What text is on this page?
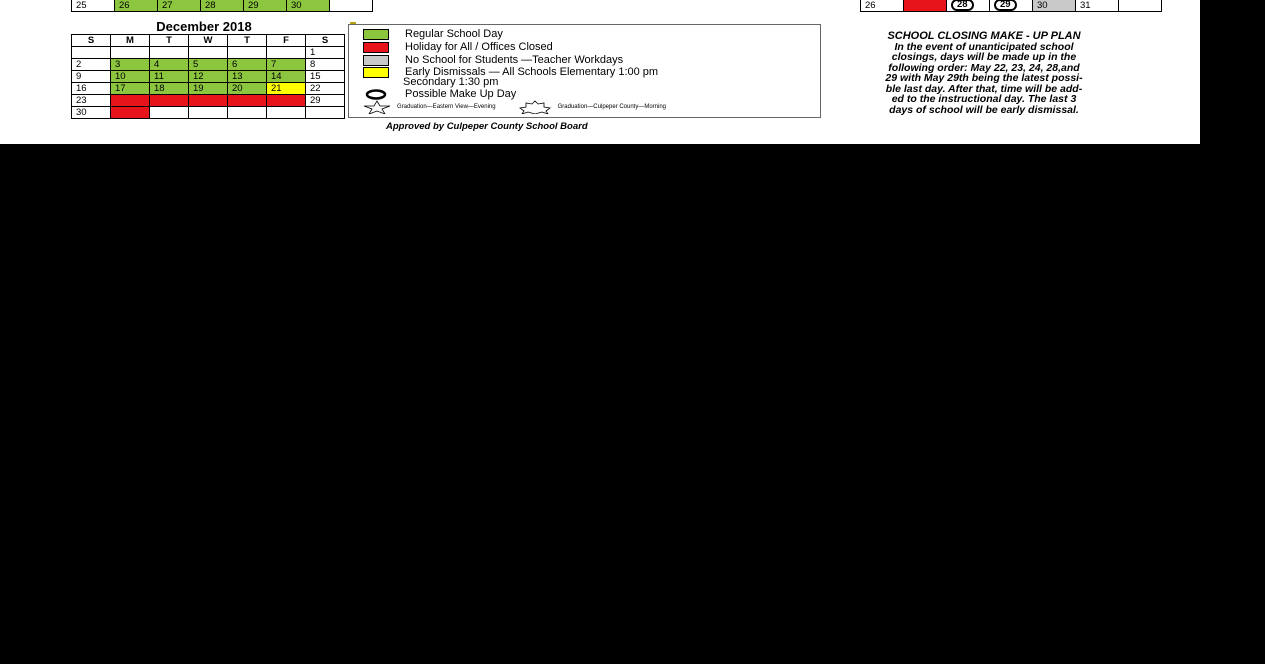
25	26	27	28	29	30	
December 2018
S	M	T	W	T	F	S
						1
2	3	4	5	6	7	8
9	10	11	12	13	14	15
16	17	18	19	20	21	22
23	24	25	26	27	28	29
30	31					
Regular School Day
Holiday for All / Offices Closed
No School for Students —Teacher Workdays
Early Dismissals — All Schools Elementary 1:00 pm
Secondary 1:30 pm
Possible Make Up Day
Graduation—Eastern View—Evening	Graduation—Culpeper County—Morning
Approved by Culpeper County School Board

26	27	28	29	30	31	
SCHOOL CLOSING MAKE - UP PLAN
In the event of unanticipated school
closings, days will be made up in the
following order: May 22, 23, 24, 28,and
29 with May 29th being the latest possi-
ble last day. After that, time will be add-
ed to the instructional day. The last 3
days of school will be early dismissal.
